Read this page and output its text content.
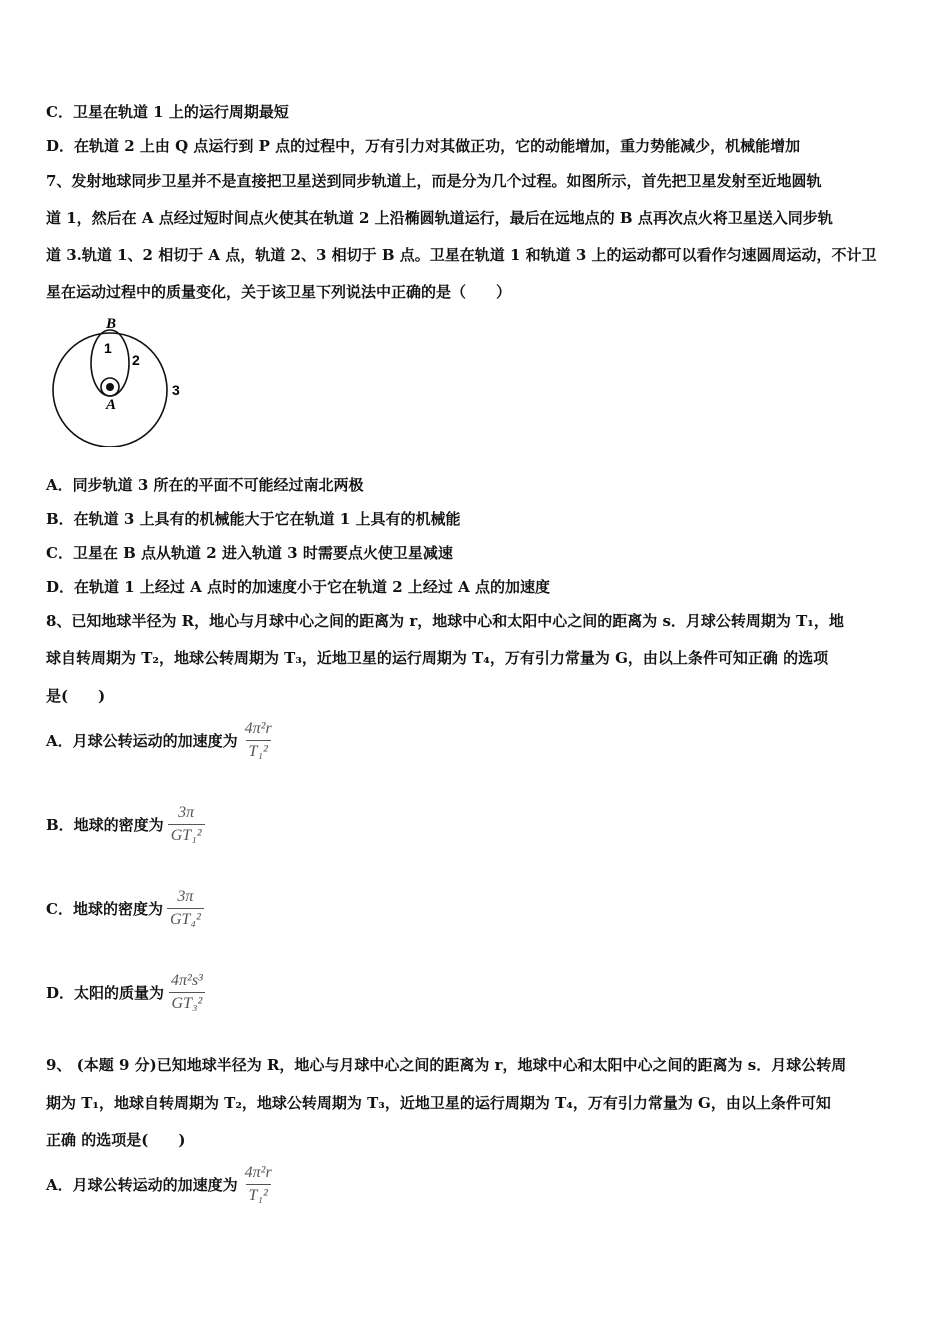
C．卫星在轨道 1 上的运行周期最短
D．在轨道 2 上由 Q 点运行到 P 点的过程中，万有引力对其做正功，它的动能增加，重力势能减少，机械能增加
7、发射地球同步卫星并不是直接把卫星送到同步轨道上，而是分为几个过程。如图所示，首先把卫星发射至近地圆轨
道 1，然后在 A 点经过短时间点火使其在轨道 2 上沿椭圆轨道运行，最后在远地点的 B 点再次点火将卫星送入同步轨
道 3.轨道 1、2 相切于 A 点，轨道 2、3 相切于 B 点。卫星在轨道 1 和轨道 3 上的运动都可以看作匀速圆周运动，不计卫
星在运动过程中的质量变化，关于该卫星下列说法中正确的是（　　）
B
1
2
A
3
A．同步轨道 3 所在的平面不可能经过南北两极
B．在轨道 3 上具有的机械能大于它在轨道 1 上具有的机械能
C．卫星在 B 点从轨道 2 进入轨道 3 时需要点火使卫星减速
D．在轨道 1 上经过 A 点时的加速度小于它在轨道 2 上经过 A 点的加速度
8、已知地球半径为 R，地心与月球中心之间的距离为 r，地球中心和太阳中心之间的距离为 s．月球公转周期为 T₁，地
球自转周期为 T₂，地球公转周期为 T₃，近地卫星的运行周期为 T₄，万有引力常量为 G，由以上条件可知正确 的选项
是(　　)
A．月球公转运动的加速度为 $\frac{\text{4π²r}}{\text{T₁²}}$
B．地球的密度为 $\frac{3\pi}{\text{GT₁²}}$
C．地球的密度为 $\frac{3\pi}{\text{GT₄²}}$
D．太阳的质量为 $\frac{\text{4π²s³}}{\text{GT₃²}}$
9、 (本题 9 分)已知地球半径为 R，地心与月球中心之间的距离为 r，地球中心和太阳中心之间的距离为 s．月球公转周
期为 T₁，地球自转周期为 T₂，地球公转周期为 T₃，近地卫星的运行周期为 T₄，万有引力常量为 G，由以上条件可知
正确 的选项是(　　)
A．月球公转运动的加速度为 $\frac{\text{4π²r}}{\text{T₁²}}$
